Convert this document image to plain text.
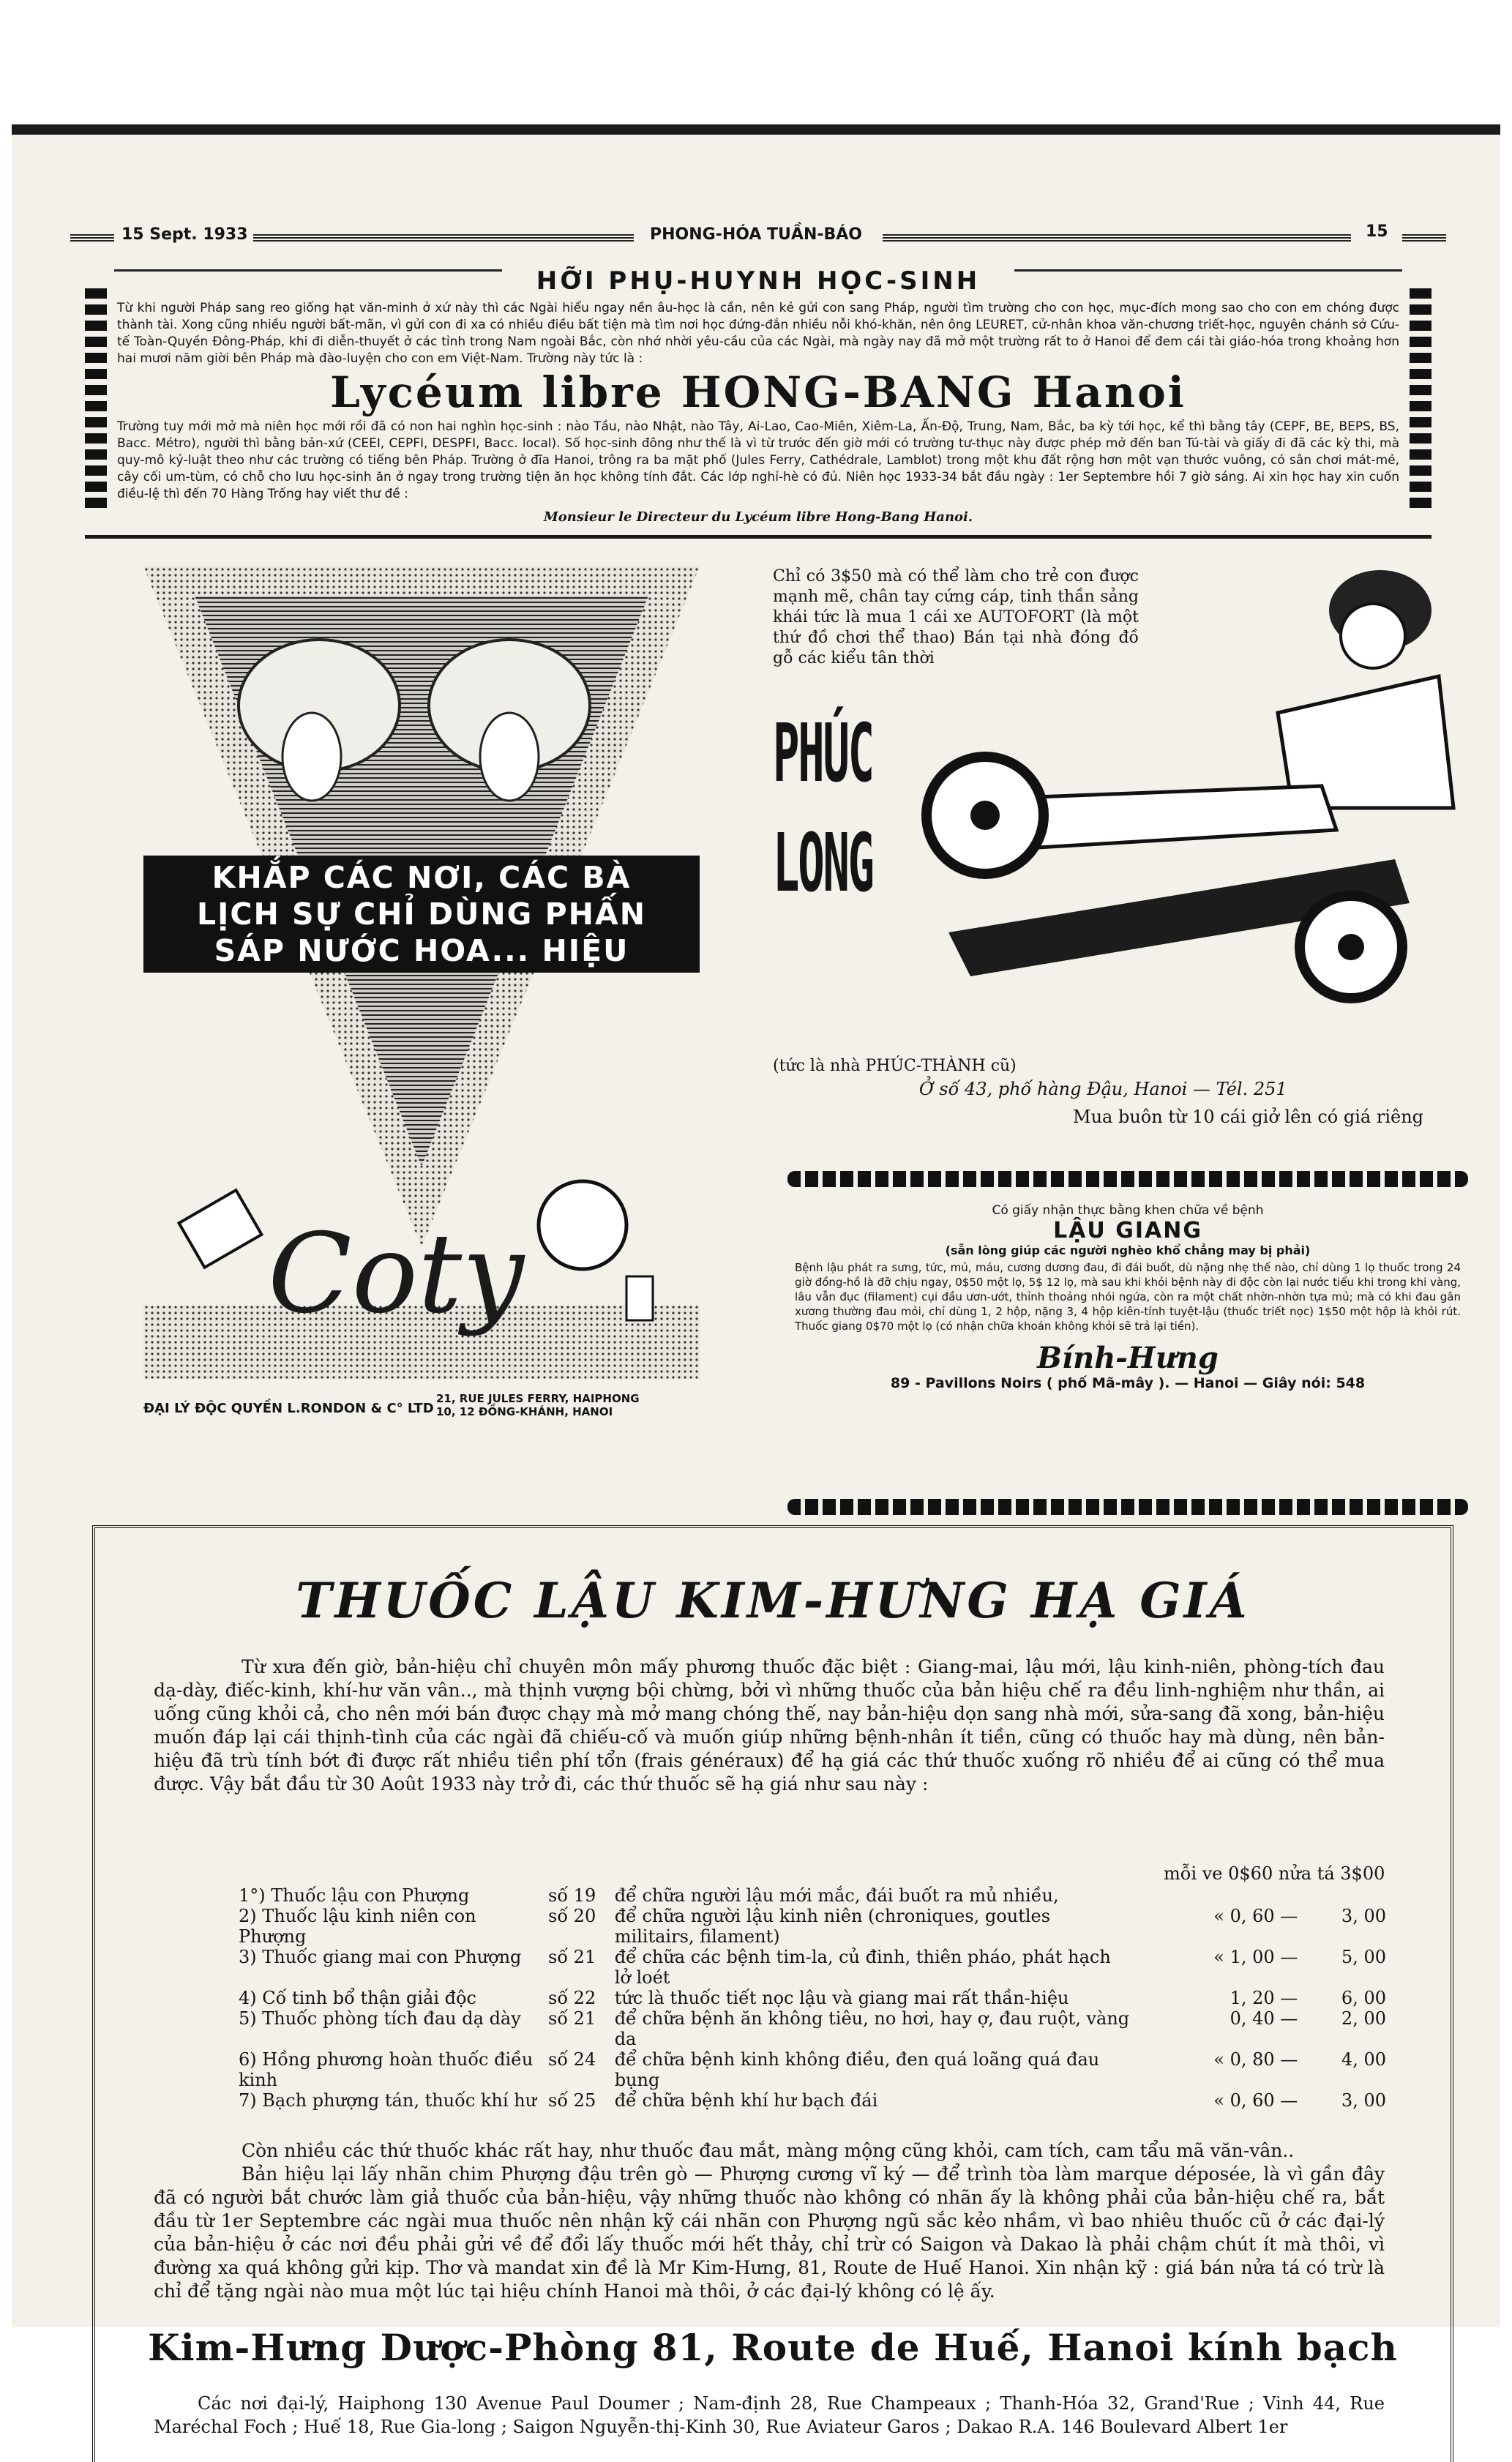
15 Sept. 1933	PHONG-HÓA TUẦN-BÁO	15
HỠI PHỤ-HUYNH HỌC-SINH
Từ khi người Pháp sang reo giống hạt văn-minh ở xứ này thì các Ngài hiểu ngay nền âu-học là cần, nên kẻ gửi con sang Pháp, người tìm trường cho con học, mục-đích mong sao cho con em chóng được thành tài. Xong cũng nhiều người bất-mãn, vì gửi con đi xa có nhiều điều bất tiện mà tìm nơi học đứng-đắn nhiều nỗi khó-khăn, nên ông LEURET, cử-nhân khoa văn-chương triết-học, nguyên chánh sở Cứu-tế Toàn-Quyền Đông-Pháp, khi đi diễn-thuyết ở các tỉnh trong Nam ngoài Bắc, còn nhớ nhời yêu-cầu của các Ngài, mà ngày nay đã mở một trường rất to ở Hanoi để đem cái tài giáo-hóa trong khoảng hơn hai mươi năm giời bên Pháp mà đào-luyện cho con em Việt-Nam. Trường này tức là :
Lycéum libre HONG-BANG Hanoi
Trường tuy mới mở mà niên học mới rồi đã có non hai nghìn học-sinh : nào Tầu, nào Nhật, nào Tây, Ai-Lao, Cao-Miên, Xiêm-La, Ấn-Độ, Trung, Nam, Bắc, ba kỳ tới học, kể thì bằng tây (CEPF, BE, BEPS, BS, Bacc. Métro), người thì bằng bản-xứ (CEEI, CEPFI, DESPFI, Bacc. local). Số học-sinh đông như thế là vì từ trước đến giờ mới có trường tư-thục này được phép mở đến ban Tú-tài và giấy đi đã các kỳ thi, mà quy-mô kỷ-luật theo như các trường có tiếng bên Pháp. Trường ở đĩa Hanoi, trông ra ba mặt phố (Jules Ferry, Cathédrale, Lamblot) trong một khu đất rộng hơn một vạn thước vuông, có sân chơi mát-mẻ, cây cối um-tùm, có chỗ cho lưu học-sinh ăn ở ngay trong trường tiện ăn học không tính đắt. Các lớp nghỉ-hè có đủ. Niên học 1933-34 bắt đầu ngày : 1er Septembre hồi 7 giờ sáng. Ai xin học hay xin cuốn điều-lệ thì đến 70 Hàng Trống hay viết thư đề :
Monsieur le Directeur du Lycéum libre Hong-Bang Hanoi.
KHẮP CÁC NƠI, CÁC BÀ
LỊCH SỰ CHỈ DÙNG PHẤN
SÁP NƯỚC HOA... HIỆU
Coty
ĐẠI LÝ ĐỘC QUYỀN L.RONDON & C° LTD
21, RUE JULES FERRY, HAIPHONG
10, 12 ĐỒNG-KHÁNH, HANOI
Chỉ có 3$50 mà có thể làm cho trẻ con được mạnh mẽ, chân tay cứng cáp, tinh thần sảng khái tức là mua 1 cái xe AUTOFORT (là một thứ đồ chơi thể thao) Bán tại nhà đóng đồ gỗ các kiểu tân thời
PHÚC
LONG
(tức là nhà PHÚC-THÀNH cũ)
Ở số 43, phố hàng Đậu, Hanoi — Tél. 251
Mua buôn từ 10 cái giở lên có giá riêng
Có giấy nhận thực bằng khen chữa về bệnh
LẬU GIANG
(sẵn lòng giúp các người nghèo khổ chẳng may bị phải)
Bệnh lậu phát ra sưng, tức, mủ, máu, cương dương đau, đi đái buốt, dù nặng nhẹ thế nào, chỉ dùng 1 lọ thuốc trong 24 giờ đồng-hồ là đỡ chịu ngay, 0$50 một lọ, 5$ 12 lọ, mà sau khi khỏi bệnh này đi độc còn lại nước tiểu khi trong khi vàng, lâu vẫn đục (filament) cụi đầu ươn-ướt, thỉnh thoảng nhói ngứa, còn ra một chất nhờn-nhờn tựa mủ; mà có khi đau gân xương thường đau mỏi, chỉ dùng 1, 2 hộp, nặng 3, 4 hộp kiên-tính tuyệt-lậu (thuốc triết nọc) 1$50 một hộp là khỏi rút. Thuốc giang 0$70 một lọ (có nhận chữa khoán không khỏi sẽ trả lại tiền).
Bính-Hưng
89 - Pavillons Noirs ( phố Mã-mây ). — Hanoi — Giây nói: 548
THUỐC LẬU KIM-HƯNG HẠ GIÁ
Từ xưa đến giờ, bản-hiệu chỉ chuyên môn mấy phương thuốc đặc biệt : Giang-mai, lậu mới, lậu kinh-niên, phòng-tích đau dạ-dày, điếc-kinh, khí-hư văn vân.., mà thịnh vượng bội chừng, bởi vì những thuốc của bản hiệu chế ra đều linh-nghiệm như thần, ai uống cũng khỏi cả, cho nên mới bán được chạy mà mở mang chóng thế, nay bản-hiệu dọn sang nhà mới, sửa-sang đã xong, bản-hiệu muốn đáp lại cái thịnh-tình của các ngài đã chiếu-cố và muốn giúp những bệnh-nhân ít tiền, cũng có thuốc hay mà dùng, nên bản-hiệu đã trù tính bớt đi được rất nhiều tiền phí tổn (frais généraux) để hạ giá các thứ thuốc xuống rõ nhiều để ai cũng có thể mua được. Vậy bắt đầu từ 30 Août 1933 này trở đi, các thứ thuốc sẽ hạ giá như sau này :
mỗi ve 0$60 nửa tá 3$00
1°) Thuốc lậu con Phượng	số 19	để chữa người lậu mới mắc, đái buốt ra mủ nhiều,		
2) Thuốc lậu kinh niên con Phượng	số 20	để chữa người lậu kinh niên (chroniques, goutles militairs, filament)	« 0, 60 —	3, 00
3) Thuốc giang mai con Phượng	số 21	để chữa các bệnh tim-la, củ đinh, thiên pháo, phát hạch lở loét	« 1, 00 —	5, 00
4) Cố tinh bổ thận giải độc	số 22	tức là thuốc tiết nọc lậu và giang mai rất thần-hiệu	1, 20 —	6, 00
5) Thuốc phòng tích đau dạ dày	số 21	để chữa bệnh ăn không tiêu, no hơi, hay ợ, đau ruột, vàng da	0, 40 —	2, 00
6) Hồng phương hoàn thuốc điều kinh	số 24	để chữa bệnh kinh không điều, đen quá loãng quá đau bụng	« 0, 80 —	4, 00
7) Bạch phượng tán, thuốc khí hư	số 25	để chữa bệnh khí hư bạch đái	« 0, 60 —	3, 00
Còn nhiều các thứ thuốc khác rất hay, như thuốc đau mắt, màng mộng cũng khỏi, cam tích, cam tẩu mã văn-vân..
Bản hiệu lại lấy nhãn chim Phượng đậu trên gò — Phượng cương vĩ ký — để trình tòa làm marque déposée, là vì gần đây đã có người bắt chước làm giả thuốc của bản-hiệu, vậy những thuốc nào không có nhãn ấy là không phải của bản-hiệu chế ra, bắt đầu từ 1er Septembre các ngài mua thuốc nên nhận kỹ cái nhãn con Phượng ngũ sắc kẻo nhầm, vì bao nhiêu thuốc cũ ở các đại-lý của bản-hiệu ở các nơi đều phải gửi về để đổi lấy thuốc mới hết thảy, chỉ trừ có Saigon và Dakao là phải chậm chút ít mà thôi, vì đường xa quá không gửi kịp. Thơ và mandat xin đề là Mr Kim-Hưng, 81, Route de Huế Hanoi. Xin nhận kỹ : giá bán nửa tá có trừ là chỉ để tặng ngài nào mua một lúc tại hiệu chính Hanoi mà thôi, ở các đại-lý không có lệ ấy.
Kim-Hưng Dược-Phòng 81, Route de Huế, Hanoi kính bạch
Các nơi đại-lý, Haiphong 130 Avenue Paul Doumer ; Nam-định 28, Rue Champeaux ; Thanh-Hóa 32, Grand'Rue ; Vinh 44, Rue Maréchal Foch ; Huế 18, Rue Gia-long ; Saigon Nguyễn-thị-Kinh 30, Rue Aviateur Garos ; Dakao R.A. 146 Boulevard Albert 1er
